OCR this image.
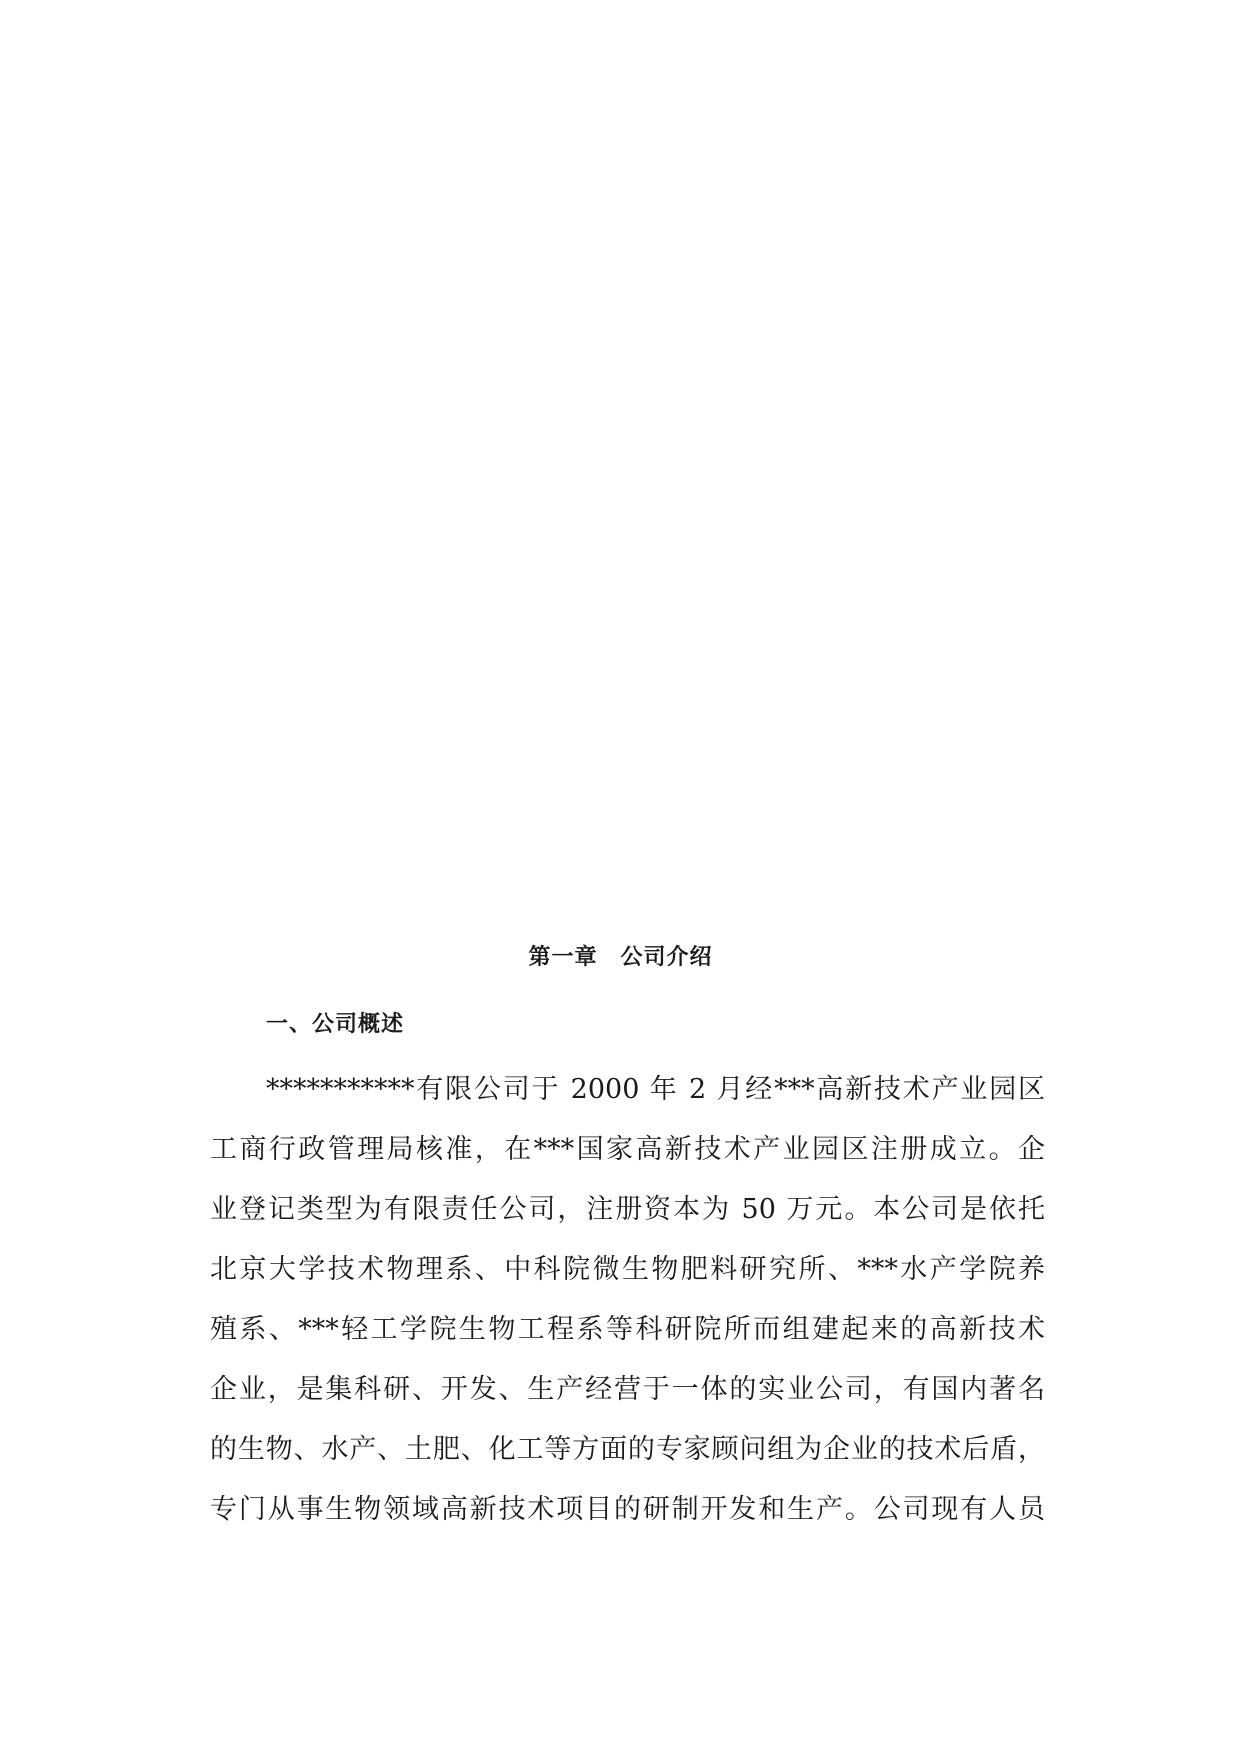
第一章　公司介绍
一、公司概述
***********有限公司于 2000 年 2 月经***高新技术产业园区
工商行政管理局核准，在***国家高新技术产业园区注册成立。企
业登记类型为有限责任公司，注册资本为 50 万元。本公司是依托
北京大学技术物理系、中科院微生物肥料研究所、***水产学院养
殖系、***轻工学院生物工程系等科研院所而组建起来的高新技术
企业，是集科研、开发、生产经营于一体的实业公司，有国内著名
的生物、水产、土肥、化工等方面的专家顾问组为企业的技术后盾，
专门从事生物领域高新技术项目的研制开发和生产。公司现有人员
